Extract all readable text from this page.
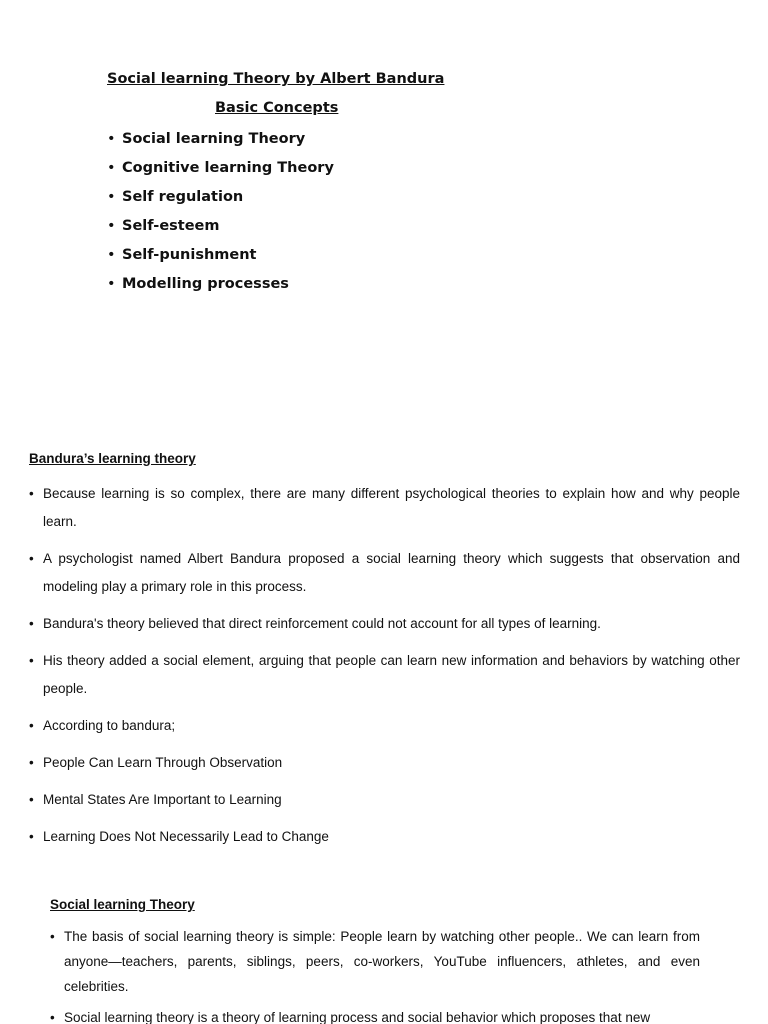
Social learning Theory by Albert Bandura
Basic Concepts
• Social learning Theory
• Cognitive learning Theory
• Self regulation
• Self-esteem
• Self-punishment
• Modelling processes
Bandura’s learning theory
• Because learning is so complex, there are many different psychological theories to explain how and why people learn.
• A psychologist named Albert Bandura proposed a social learning theory which suggests that observation and modeling play a primary role in this process.
• Bandura's theory believed that direct reinforcement could not account for all types of learning.
• His theory added a social element, arguing that people can learn new information and behaviors by watching other people.
• According to bandura;
• People Can Learn Through Observation
• Mental States Are Important to Learning
• Learning Does Not Necessarily Lead to Change
Social learning Theory
• The basis of social learning theory is simple: People learn by watching other people.. We can learn from anyone—teachers, parents, siblings, peers, co-workers, YouTube influencers, athletes, and even celebrities.
• Social learning theory is a theory of learning process and social behavior which proposes that new
